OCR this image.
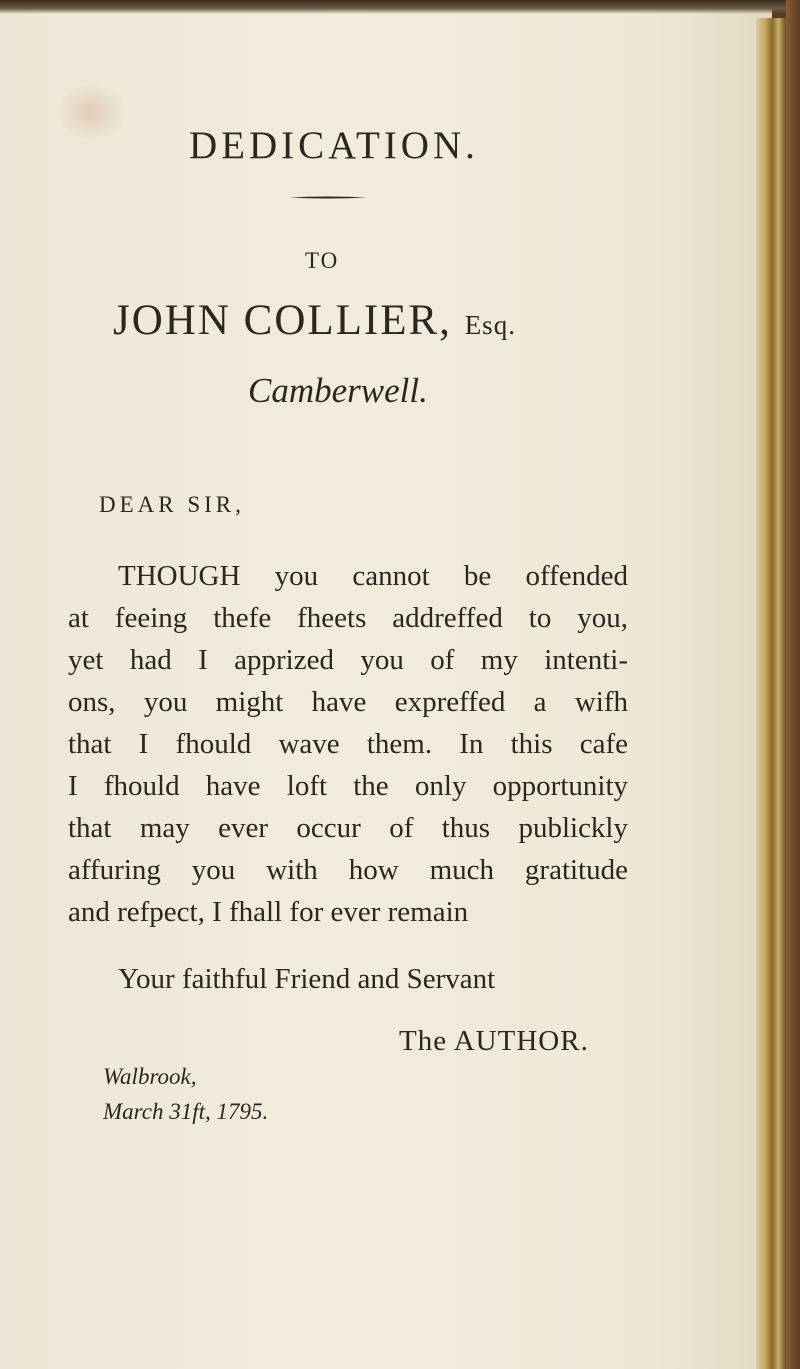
DEDICATION.
TO
JOHN COLLIER, Esq.
Camberwell.
DEAR SIR,
THOUGH you cannot be offended
at feeing thefe fheets addreffed to you,
yet had I apprized you of my intenti-
ons, you might have expreffed a wifh
that I fhould wave them. In this cafe
I fhould have loft the only opportunity
that may ever occur of thus publickly
affuring you with how much gratitude
and refpect, I fhall for ever remain
Your faithful Friend and Servant
The AUTHOR.
Walbrook,
March 31ft, 1795.
